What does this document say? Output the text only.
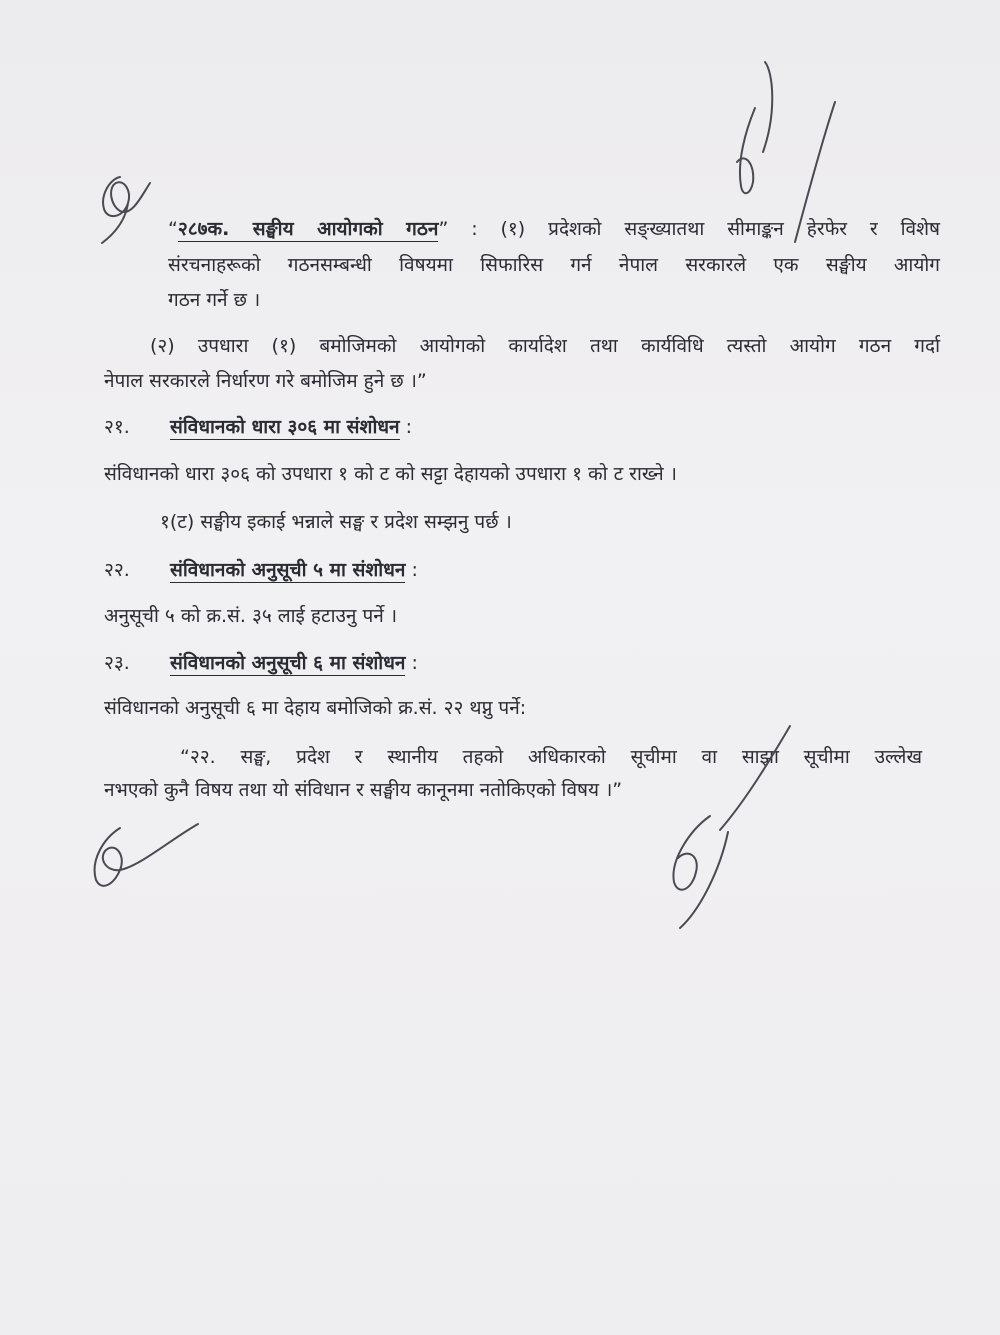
“२८७क. सङ्घीय आयोगको गठन” : (१) प्रदेशको सङ्ख्यातथा सीमाङ्कन हेरफेर र विशेष
संरचनाहरूको गठनसम्बन्धी विषयमा सिफारिस गर्न नेपाल सरकारले एक सङ्घीय आयोग
गठन गर्ने छ ।
(२) उपधारा (१) बमोजिमको आयोगको कार्यादेश तथा कार्यविधि त्यस्तो आयोग गठन गर्दा
नेपाल सरकारले निर्धारण गरे बमोजिम हुने छ ।”
२१. संविधानको धारा ३०६ मा संशोधन :
संविधानको धारा ३०६ को उपधारा १ को ट को सट्टा देहायको उपधारा १ को ट राख्ने ।
१(ट) सङ्घीय इकाई भन्नाले सङ्घ र प्रदेश सम्झनु पर्छ ।
२२. संविधानको अनुसूची ५ मा संशोधन :
अनुसूची ५ को क्र.सं. ३५ लाई हटाउनु पर्ने ।
२३. संविधानको अनुसूची ६ मा संशोधन :
संविधानको अनुसूची ६ मा देहाय बमोजिको क्र.सं. २२ थप्नु पर्ने:
“२२. सङ्घ, प्रदेश र स्थानीय तहको अधिकारको सूचीमा वा साझा सूचीमा उल्लेख
नभएको कुनै विषय तथा यो संविधान र सङ्घीय कानूनमा नतोकिएको विषय ।”
